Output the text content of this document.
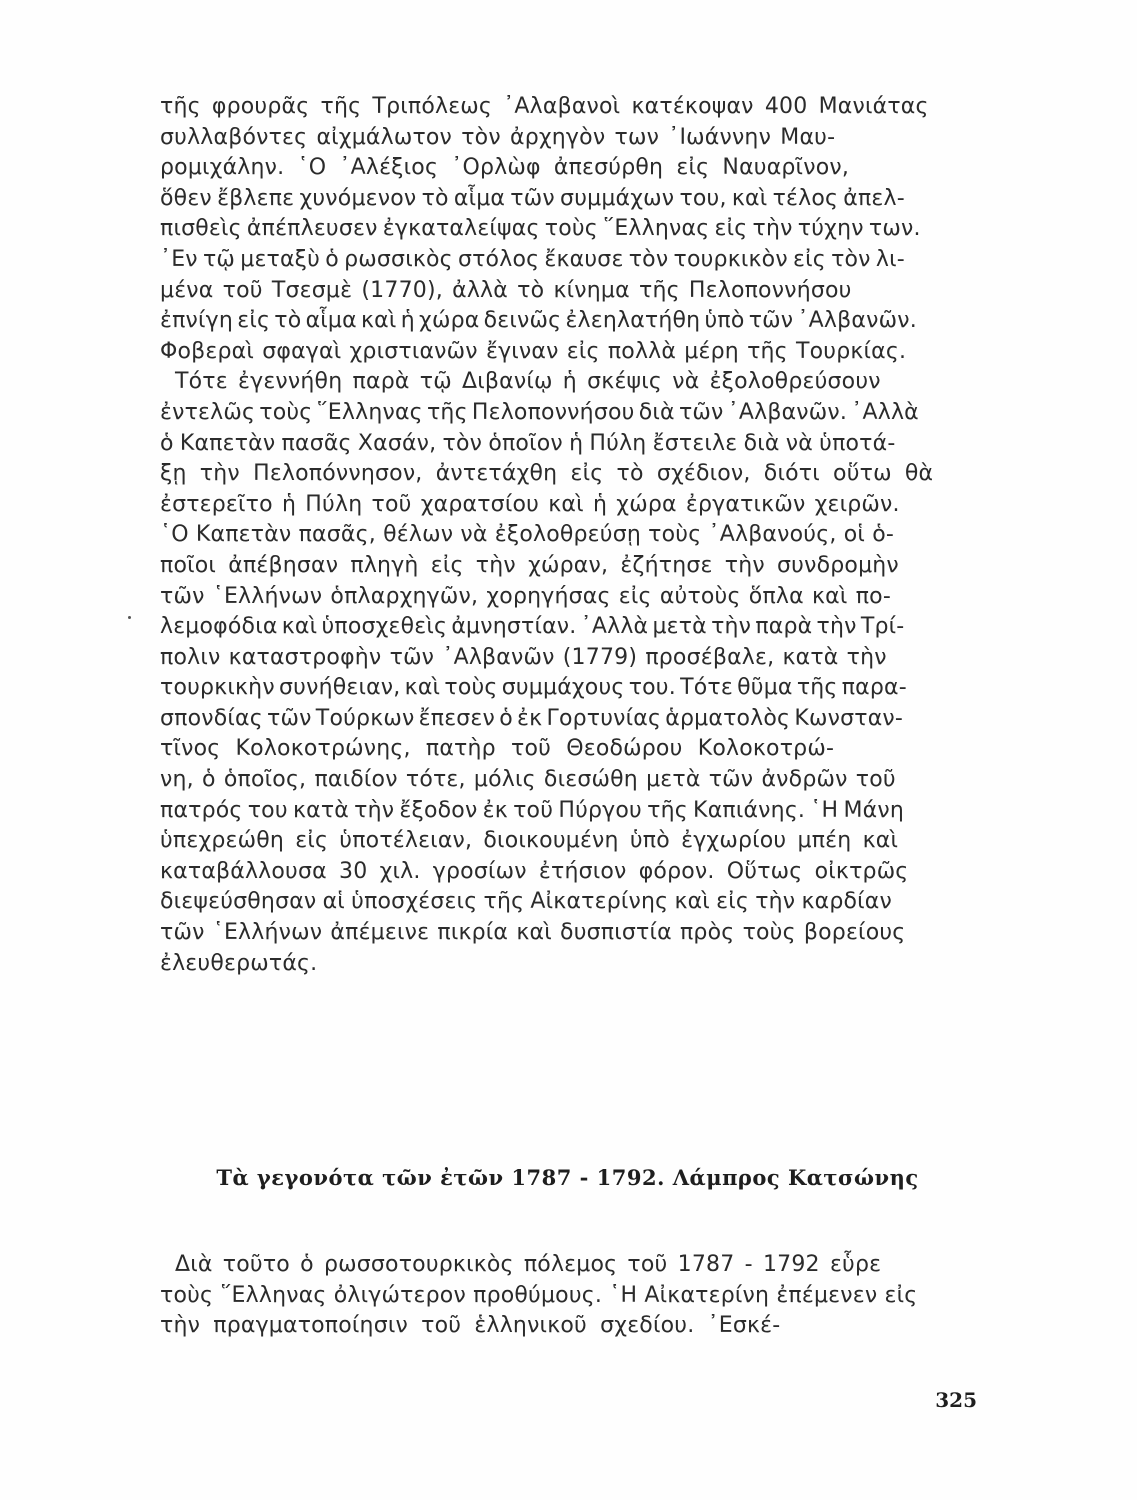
τῆς φρουρᾶς τῆς Τριπόλεως ᾿Αλαβανοὶ κατέκοψαν 400 Μανιάτας
συλλαβόντες αἰχμάλωτον τὸν ἀρχηγὸν των ᾿Ιωάννην Μαυ-
ρομιχάλην. ῾Ο ᾿Αλέξιος ᾿Ορλὼφ ἀπεσύρθη εἰς Ναυαρῖνον,
ὅθεν ἔβλεπε χυνόμενον τὸ αἷμα τῶν συμμάχων του, καὶ τέλος ἀπελ-
πισθεὶς ἀπέπλευσεν ἐγκαταλείψας τοὺς ῞Ελληνας εἰς τὴν τύχην των.
᾿Εν τῷ μεταξὺ ὁ ρωσσικὸς στόλος ἔκαυσε τὸν τουρκικὸν εἰς τὸν λι-
μένα τοῦ Τσεσμὲ (1770), ἀλλὰ τὸ κίνημα τῆς Πελοποννήσου
ἐπνίγη εἰς τὸ αἷμα καὶ ἡ χώρα δεινῶς ἐλεηλατήθη ὑπὸ τῶν ᾿Αλβανῶν.
Φοβεραὶ σφαγαὶ χριστιανῶν ἔγιναν εἰς πολλὰ μέρη τῆς Τουρκίας.
Τότε ἐγεννήθη παρὰ τῷ Διβανίῳ ἡ σκέψις νὰ ἐξολοθρεύσουν
ἐντελῶς τοὺς ῞Ελληνας τῆς Πελοποννήσου διὰ τῶν ᾿Αλβανῶν. ᾿Αλλὰ
ὁ Καπετὰν πασᾶς Χασάν, τὸν ὁποῖον ἡ Πύλη ἔστειλε διὰ νὰ ὑποτά-
ξῃ τὴν Πελοπόννησον, ἀντετάχθη εἰς τὸ σχέδιον, διότι οὕτω θὰ
ἐστερεῖτο ἡ Πύλη τοῦ χαρατσίου καὶ ἡ χώρα ἐργατικῶν χειρῶν.
῾Ο Καπετὰν πασᾶς, θέλων νὰ ἐξολοθρεύσῃ τοὺς ᾿Αλβανούς, οἱ ὁ-
ποῖοι ἀπέβησαν πληγὴ εἰς τὴν χώραν, ἐζήτησε τὴν συνδρομὴν
τῶν ῾Ελλήνων ὁπλαρχηγῶν, χορηγήσας εἰς αὐτοὺς ὅπλα καὶ πο-
λεμοφόδια καὶ ὑποσχεθεὶς ἀμνηστίαν. ᾿Αλλὰ μετὰ τὴν παρὰ τὴν Τρί-
πολιν καταστροφὴν τῶν ᾿Αλβανῶν (1779) προσέβαλε, κατὰ τὴν
τουρκικὴν συνήθειαν, καὶ τοὺς συμμάχους του. Τότε θῦμα τῆς παρα-
σπονδίας τῶν Τούρκων ἔπεσεν ὁ ἐκ Γορτυνίας ἁρματολὸς Κωνσταν-
τῖνος Κολοκοτρώνης, πατὴρ τοῦ Θεοδώρου Κολοκοτρώ-
νη, ὁ ὁποῖος, παιδίον τότε, μόλις διεσώθη μετὰ τῶν ἀνδρῶν τοῦ
πατρός του κατὰ τὴν ἔξοδον ἐκ τοῦ Πύργου τῆς Καπιάνης. ῾Η Μάνη
ὑπεχρεώθη εἰς ὑποτέλειαν, διοικουμένη ὑπὸ ἐγχωρίου μπέη καὶ
καταβάλλουσα 30 χιλ. γροσίων ἐτήσιον φόρον. Οὕτως οἰκτρῶς
διεψεύσθησαν αἱ ὑποσχέσεις τῆς Αἰκατερίνης καὶ εἰς τὴν καρδίαν
τῶν ῾Ελλήνων ἀπέμεινε πικρία καὶ δυσπιστία πρὸς τοὺς βορείους
ἐλευθερωτάς.
Τὰ γεγονότα τῶν ἐτῶν 1787 - 1792. Λάμπρος Κατσώνης
Διὰ τοῦτο ὁ ρωσσοτουρκικὸς πόλεμος τοῦ 1787 - 1792 εὗρε
τοὺς ῞Ελληνας ὀλιγώτερον προθύμους. ῾Η Αἰκατερίνη ἐπέμενεν εἰς
τὴν πραγματοποίησιν τοῦ ἑλληνικοῦ σχεδίου. ᾿Εσκέ-
325
